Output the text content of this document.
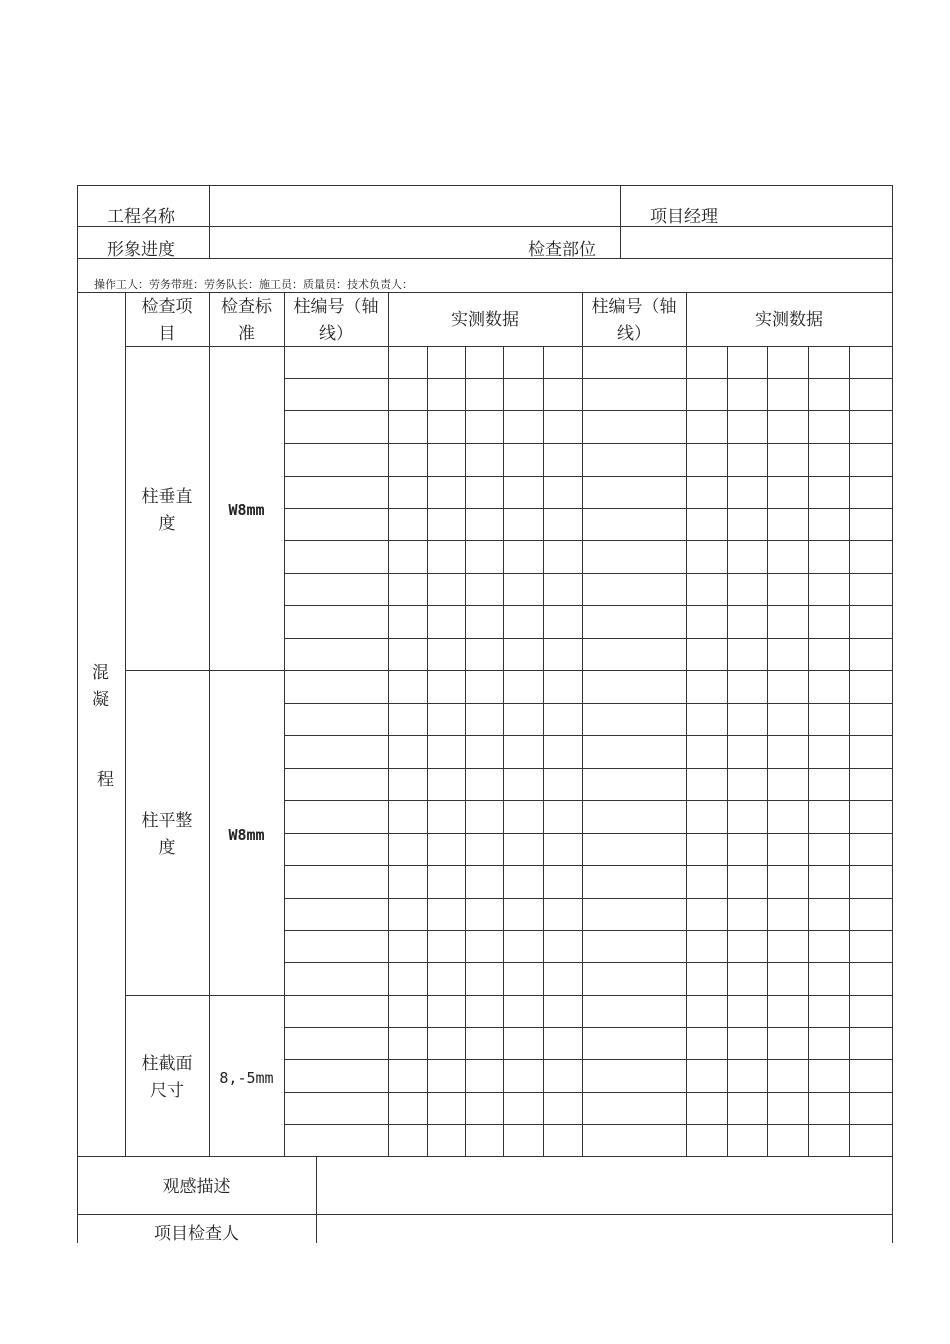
工程名称	项目经理
形象进度	检查部位
操作工人：劳务带班：劳务队长：施工员：质量员：技术负责人：
混
凝
程
检查项
目
检查标
准
柱编号（轴
线）
实测数据
柱编号（轴
线）
实测数据
柱垂直
度
W8mm
柱平整
度
W8mm
柱截面
尺寸
8,-5mm
观感描述
项目检查人
